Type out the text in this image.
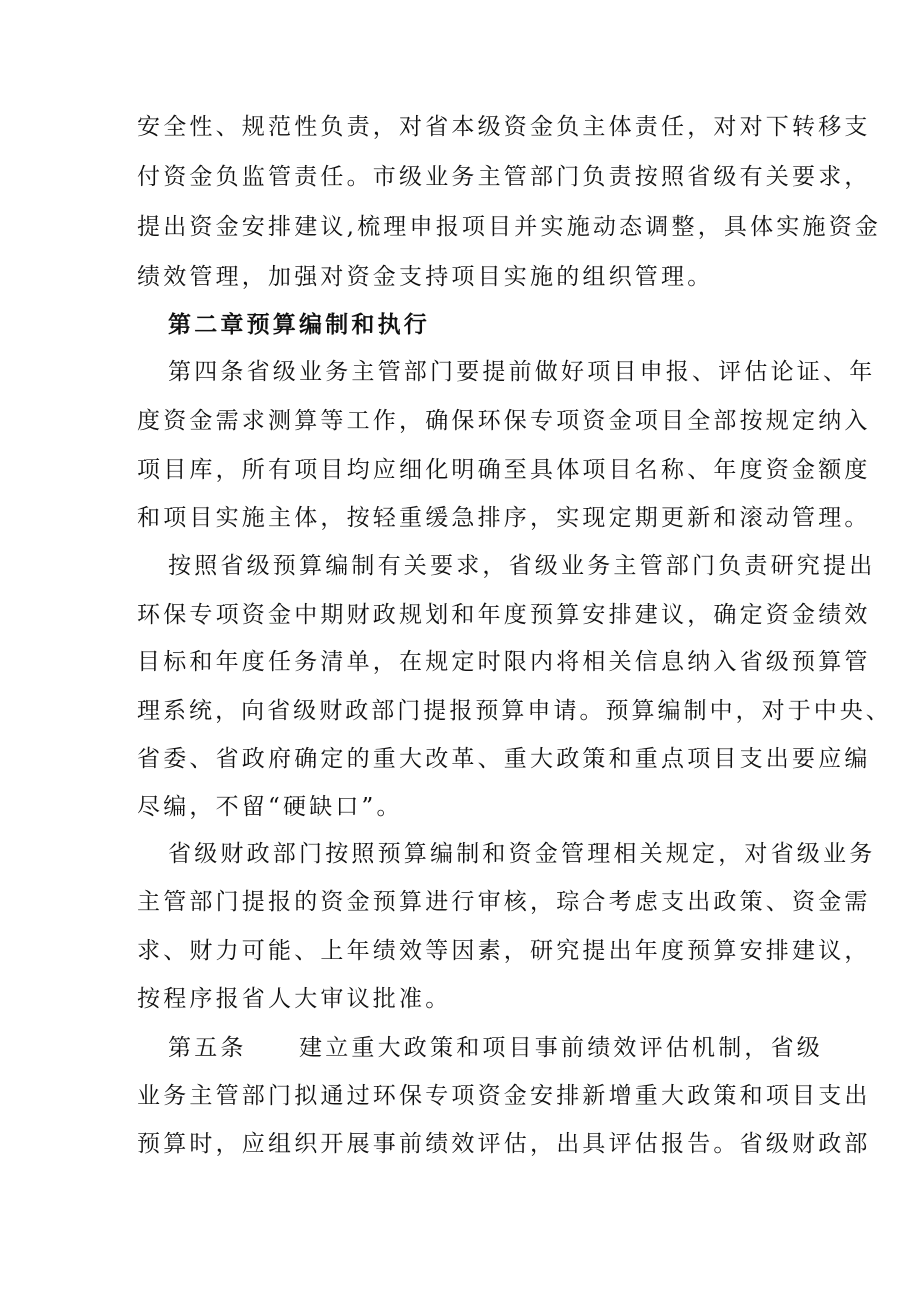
安全性、规范性负责，对省本级资金负主体责任，对对下转移支
付资金负监管责任。市级业务主管部门负责按照省级有关要求，
提出资金安排建议,梳理申报项目并实施动态调整，具体实施资金
绩效管理，加强对资金支持项目实施的组织管理。
第二章预算编制和执行
第四条省级业务主管部门要提前做好项目申报、评估论证、年
度资金需求测算等工作，确保环保专项资金项目全部按规定纳入
项目库，所有项目均应细化明确至具体项目名称、年度资金额度
和项目实施主体，按轻重缓急排序，实现定期更新和滚动管理。
按照省级预算编制有关要求，省级业务主管部门负责研究提出
环保专项资金中期财政规划和年度预算安排建议，确定资金绩效
目标和年度任务清单，在规定时限内将相关信息纳入省级预算管
理系统，向省级财政部门提报预算申请。预算编制中，对于中央、
省委、省政府确定的重大改革、重大政策和重点项目支出要应编
尽编，不留“硬缺口”。
省级财政部门按照预算编制和资金管理相关规定，对省级业务
主管部门提报的资金预算进行审核，琮合考虑支出政策、资金需
求、财力可能、上年绩效等因素，研究提出年度预算安排建议，
按程序报省人大审议批准。
第五条　　建立重大政策和项目事前绩效评估机制，省级
业务主管部门拟通过环保专项资金安排新增重大政策和项目支出
预算时，应组织开展事前绩效评估，出具评估报告。省级财政部
